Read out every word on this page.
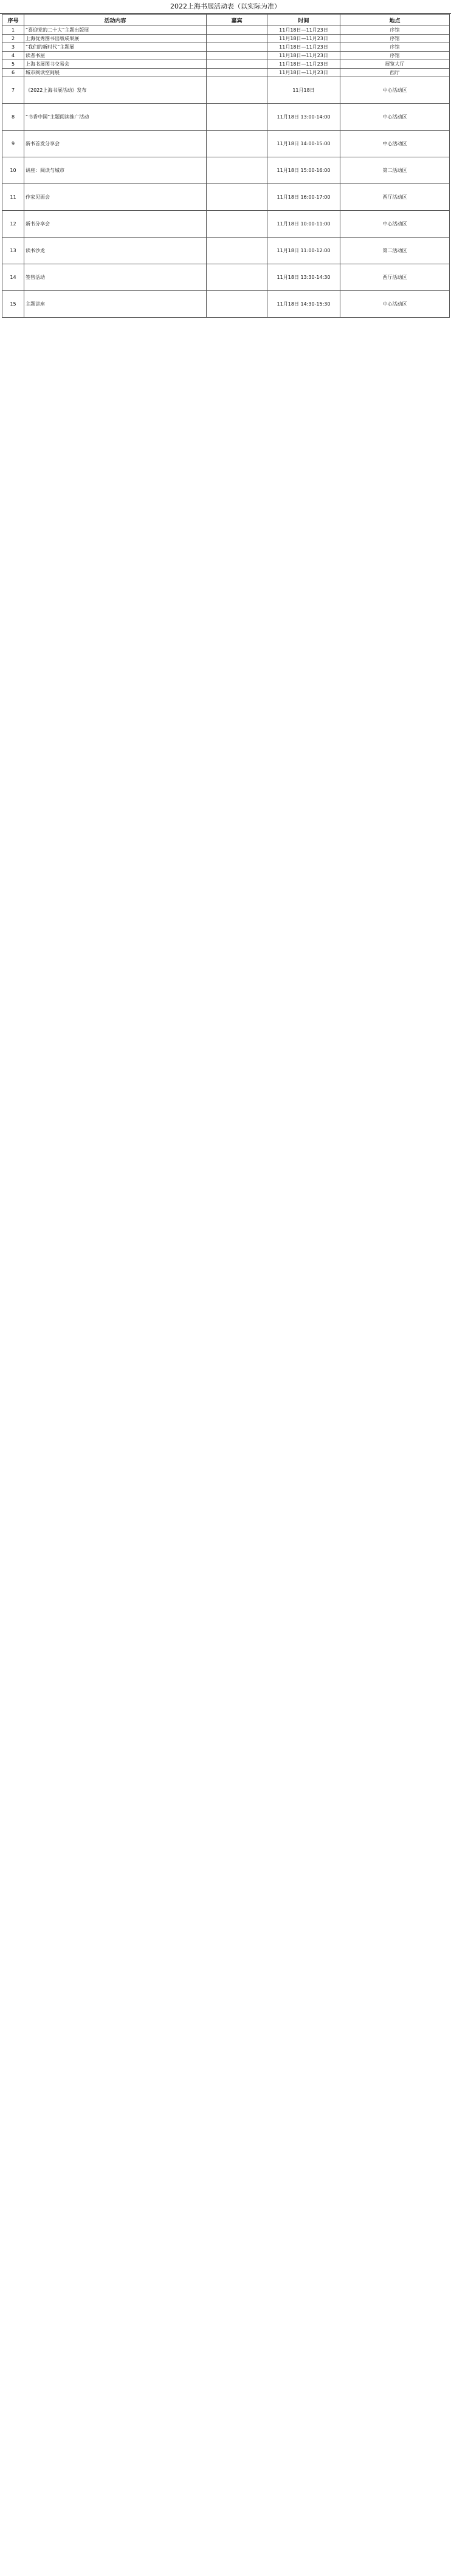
2022上海书展活动表（以实际为准）
序号	活动内容	嘉宾	时间	地点
1	“喜迎党的二十大”主题出版展		11月18日—11月23日	序馆
2	上海优秀图书出版成果展		11月18日—11月23日	序馆
3	“我们的新时代”主题展		11月18日—11月23日	序馆
4	读者书屋		11月18日—11月23日	序馆
5	上海书展图书交易会		11月18日—11月23日	展览大厅
6	城市阅读空间展		11月18日—11月23日	西厅
7	《2022上海书展活动》发布		11月18日	中心活动区
8	“书香中国”主题阅读推广活动		11月18日 13:00-14:00	中心活动区
9	新书首发分享会		11月18日 14:00-15:00	中心活动区
10	讲座：阅读与城市		11月18日 15:00-16:00	第二活动区
11	作家见面会		11月18日 16:00-17:00	西厅活动区
12	新书分享会		11月18日 10:00-11:00	中心活动区
13	读书沙龙		11月18日 11:00-12:00	第二活动区
14	签售活动		11月18日 13:30-14:30	西厅活动区
15	主题讲座		11月18日 14:30-15:30	中心活动区
